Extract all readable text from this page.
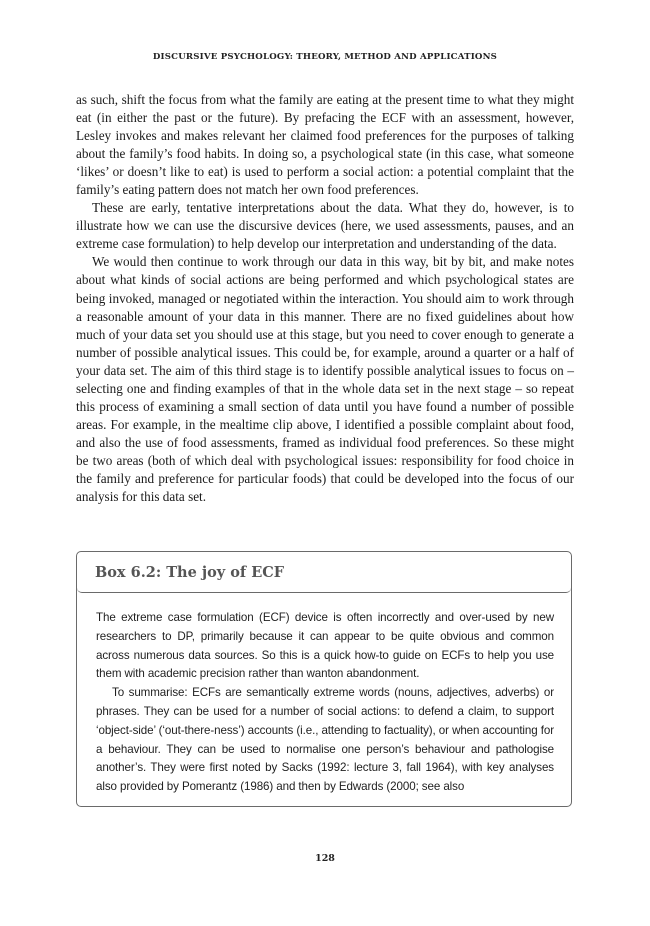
DISCURSIVE PSYCHOLOGY: THEORY, METHOD AND APPLICATIONS

as such, shift the focus from what the family are eating at the present time to what they might eat (in either the past or the future). By prefacing the ECF with an assessment, however, Lesley invokes and makes relevant her claimed food preferences for the purposes of talking about the family’s food habits. In doing so, a psychological state (in this case, what someone ‘likes’ or doesn’t like to eat) is used to perform a social action: a potential complaint that the family’s eating pattern does not match her own food preferences.

These are early, tentative interpretations about the data. What they do, however, is to illustrate how we can use the discursive devices (here, we used assessments, pauses, and an extreme case formulation) to help develop our interpretation and understanding of the data.

We would then continue to work through our data in this way, bit by bit, and make notes about what kinds of social actions are being performed and which psychological states are being invoked, managed or negotiated within the interaction. You should aim to work through a reasonable amount of your data in this manner. There are no fixed guidelines about how much of your data set you should use at this stage, but you need to cover enough to generate a number of possible analytical issues. This could be, for example, around a quarter or a half of your data set. The aim of this third stage is to identify possible analytical issues to focus on – selecting one and finding examples of that in the whole data set in the next stage – so repeat this process of examining a small section of data until you have found a number of possible areas. For example, in the mealtime clip above, I identified a possible complaint about food, and also the use of food assessments, framed as individual food preferences. So these might be two areas (both of which deal with psychological issues: responsibility for food choice in the family and preference for particular foods) that could be developed into the focus of our analysis for this data set.

Box 6.2: The joy of ECF

The extreme case formulation (ECF) device is often incorrectly and over-used by new researchers to DP, primarily because it can appear to be quite obvious and common across numerous data sources. So this is a quick how-to guide on ECFs to help you use them with academic precision rather than wanton abandonment.

To summarise: ECFs are semantically extreme words (nouns, adjectives, adverbs) or phrases. They can be used for a number of social actions: to defend a claim, to support ‘object-side’ (‘out-there-ness’) accounts (i.e., attending to factuality), or when accounting for a behaviour. They can be used to normalise one person’s behaviour and pathologise another’s. They were first noted by Sacks (1992: lecture 3, fall 1964), with key analyses also provided by Pomerantz (1986) and then by Edwards (2000; see also

128
